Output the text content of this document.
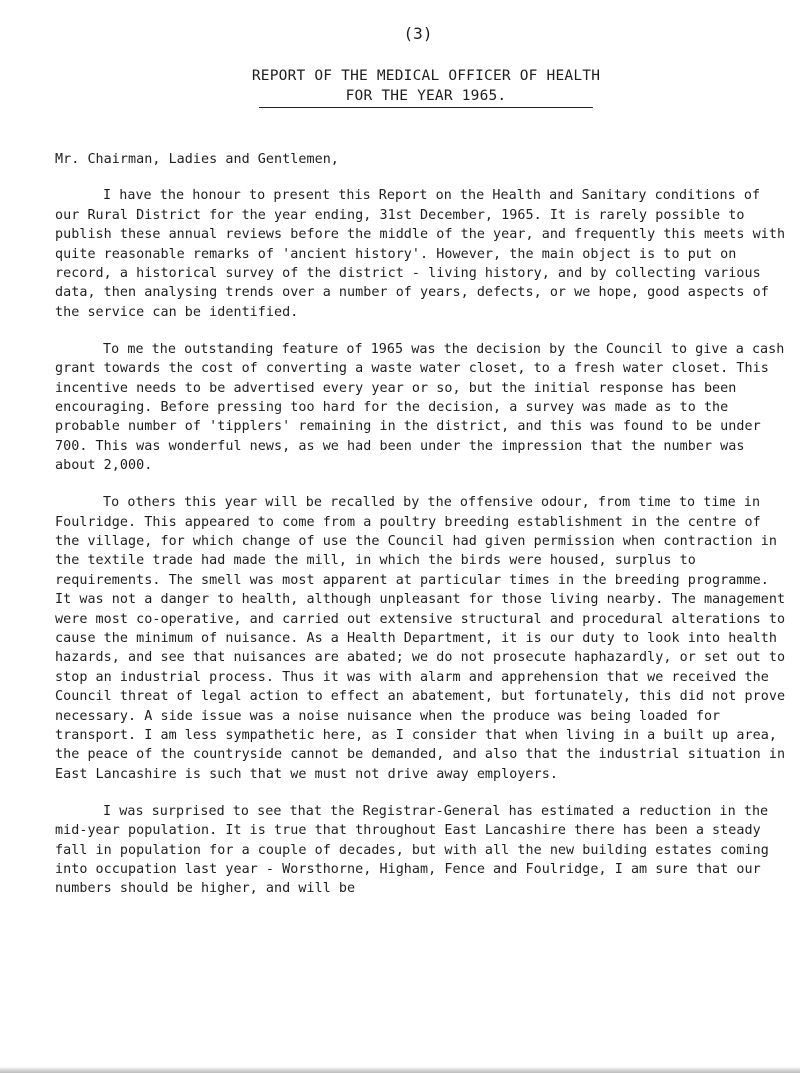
(3)
REPORT OF THE MEDICAL OFFICER OF HEALTH
FOR THE YEAR 1965.

Mr. Chairman, Ladies and Gentlemen,

I have the honour to present this Report on the Health and Sanitary conditions of our Rural District for the year ending, 31st December, 1965. It is rarely possible to publish these annual reviews before the middle of the year, and frequently this meets with quite reasonable remarks of 'ancient history'. However, the main object is to put on record, a historical survey of the district - living history, and by collecting various data, then analysing trends over a number of years, defects, or we hope, good aspects of the service can be identified.

To me the outstanding feature of 1965 was the decision by the Council to give a cash grant towards the cost of converting a waste water closet, to a fresh water closet. This incentive needs to be advertised every year or so, but the initial response has been encouraging. Before pressing too hard for the decision, a survey was made as to the probable number of 'tipplers' remaining in the district, and this was found to be under 700. This was wonderful news, as we had been under the impression that the number was about 2,000.

To others this year will be recalled by the offensive odour, from time to time in Foulridge. This appeared to come from a poultry breeding establishment in the centre of the village, for which change of use the Council had given permission when contraction in the textile trade had made the mill, in which the birds were housed, surplus to requirements. The smell was most apparent at particular times in the breeding programme. It was not a danger to health, although unpleasant for those living nearby. The management were most co-operative, and carried out extensive structural and procedural alterations to cause the minimum of nuisance. As a Health Department, it is our duty to look into health hazards, and see that nuisances are abated; we do not prosecute haphazardly, or set out to stop an industrial process. Thus it was with alarm and apprehension that we received the Council threat of legal action to effect an abatement, but fortunately, this did not prove necessary. A side issue was a noise nuisance when the produce was being loaded for transport. I am less sympathetic here, as I consider that when living in a built up area, the peace of the countryside cannot be demanded, and also that the industrial situation in East Lancashire is such that we must not drive away employers.

I was surprised to see that the Registrar-General has estimated a reduction in the mid-year population. It is true that throughout East Lancashire there has been a steady fall in population for a couple of decades, but with all the new building estates coming into occupation last year - Worsthorne, Higham, Fence and Foulridge, I am sure that our numbers should be higher, and will be
